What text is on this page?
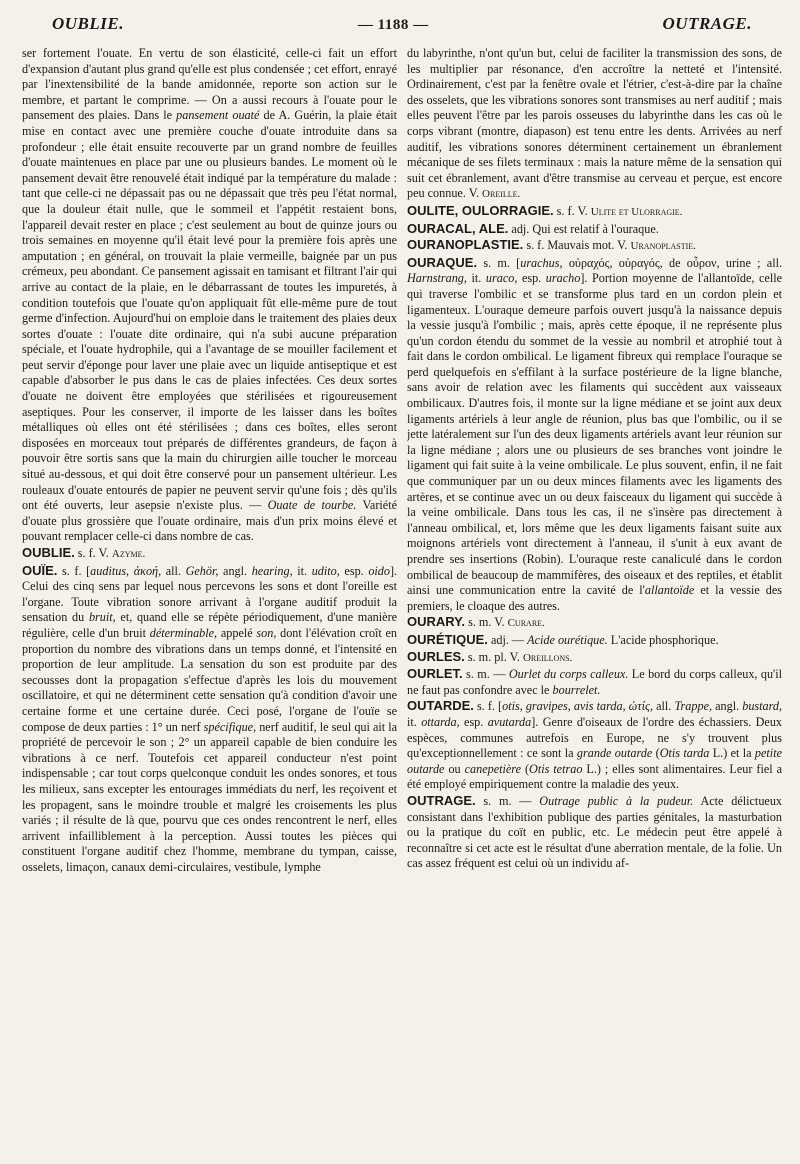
OUBLIE.	— 1188 —	OUTRAGE.

ser fortement l'ouate. En vertu de son élasticité, celle-ci fait un effort d'expansion d'autant plus grand qu'elle est plus condensée ; cet effort, enrayé par l'inextensibilité de la bande amidonnée, reporte son action sur le membre, et partant le comprime. — On a aussi recours à l'ouate pour le pansement des plaies. Dans le pansement ouaté de A. Guérin, la plaie était mise en contact avec une première couche d'ouate introduite dans sa profondeur ; elle était ensuite recouverte par un grand nombre de feuilles d'ouate maintenues en place par une ou plusieurs bandes. Le moment où le pansement devait être renouvelé était indiqué par la température du malade : tant que celle-ci ne dépassait pas ou ne dépassait que très peu l'état normal, que la douleur était nulle, que le sommeil et l'appétit restaient bons, l'appareil devait rester en place ; c'est seulement au bout de quinze jours ou trois semaines en moyenne qu'il était levé pour la première fois après une amputation ; en général, on trouvait la plaie vermeille, baignée par un pus crémeux, peu abondant. Ce pansement agissait en tamisant et filtrant l'air qui arrive au contact de la plaie, en le débarrassant de toutes les impuretés, à condition toutefois que l'ouate qu'on appliquait fût elle-même pure de tout germe d'infection. Aujourd'hui on emploie dans le traitement des plaies deux sortes d'ouate : l'ouate dite ordinaire, qui n'a subi aucune préparation spéciale, et l'ouate hydrophile, qui a l'avantage de se mouiller facilement et peut servir d'éponge pour laver une plaie avec un liquide antiseptique et est capable d'absorber le pus dans le cas de plaies infectées. Ces deux sortes d'ouate ne doivent être employées que stérilisées et rigoureusement aseptiques. Pour les conserver, il importe de les laisser dans les boîtes métalliques où elles ont été stérilisées ; dans ces boîtes, elles seront disposées en morceaux tout préparés de différentes grandeurs, de façon à pouvoir être sortis sans que la main du chirurgien aille toucher le morceau situé au-dessous, et qui doit être conservé pour un pansement ultérieur. Les rouleaux d'ouate entourés de papier ne peuvent servir qu'une fois ; dès qu'ils ont été ouverts, leur asepsie n'existe plus. — Ouate de tourbe. Variété d'ouate plus grossière que l'ouate ordinaire, mais d'un prix moins élevé et pouvant remplacer celle-ci dans nombre de cas.

OUBLIE. s. f. V. Azyme.

OUÏE. s. f. [auditus, ἀκοή, all. Gehör, angl. hearing, it. udito, esp. oido]. Celui des cinq sens par lequel nous percevons les sons et dont l'oreille est l'organe. Toute vibration sonore arrivant à l'organe auditif produit la sensation du bruit, et, quand elle se répète périodiquement, d'une manière régulière, celle d'un bruit déterminable, appelé son, dont l'élévation croît en proportion du nombre des vibrations dans un temps donné, et l'intensité en proportion de leur amplitude. La sensation du son est produite par des secousses dont la propagation s'effectue d'après les lois du mouvement oscillatoire, et qui ne déterminent cette sensation qu'à condition d'avoir une certaine forme et une certaine durée. Ceci posé, l'organe de l'ouïe se compose de deux parties : 1° un nerf spécifique, nerf auditif, le seul qui ait la propriété de percevoir le son ; 2° un appareil capable de bien conduire les vibrations à ce nerf. Toutefois cet appareil conducteur n'est point indispensable ; car tout corps quelconque conduit les ondes sonores, et tous les milieux, sans excepter les entourages immédiats du nerf, les reçoivent et les propagent, sans le moindre trouble et malgré les croisements les plus variés ; il résulte de là que, pourvu que ces ondes rencontrent le nerf, elles arrivent infailliblement à la perception. Aussi toutes les pièces qui constituent l'organe auditif chez l'homme, membrane du tympan, caisse, osselets, limaçon, canaux demi-circulaires, vestibule, lymphe

du labyrinthe, n'ont qu'un but, celui de faciliter la transmission des sons, de les multiplier par résonance, d'en accroître la netteté et l'intensité. Ordinairement, c'est par la fenêtre ovale et l'étrier, c'est-à-dire par la chaîne des osselets, que les vibrations sonores sont transmises au nerf auditif ; mais elles peuvent l'être par les parois osseuses du labyrinthe dans les cas où le corps vibrant (montre, diapason) est tenu entre les dents. Arrivées au nerf auditif, les vibrations sonores déterminent certainement un ébranlement mécanique de ses filets terminaux : mais la nature même de la sensation qui suit cet ébranlement, avant d'être transmise au cerveau et perçue, est encore peu connue. V. Oreille.

OULITE, OULORRAGIE. s. f. V. Ulite et Ulorragie.

OURACAL, ALE. adj. Qui est relatif à l'ouraque.

OURANOPLASTIE. s. f. Mauvais mot. V. Uranoplastie.

OURAQUE. s. m. [urachus, οὐραχός, οὐραγός, de οὖρον, urine ; all. Harnstrang, it. uraco, esp. uracho]. Portion moyenne de l'allantoïde, celle qui traverse l'ombilic et se transforme plus tard en un cordon plein et ligamenteux. L'ouraque demeure parfois ouvert jusqu'à la naissance depuis la vessie jusqu'à l'ombilic ; mais, après cette époque, il ne représente plus qu'un cordon étendu du sommet de la vessie au nombril et atrophié tout à fait dans le cordon ombilical. Le ligament fibreux qui remplace l'ouraque se perd quelquefois en s'effilant à la surface postérieure de la ligne blanche, sans avoir de relation avec les filaments qui succèdent aux vaisseaux ombilicaux. D'autres fois, il monte sur la ligne médiane et se joint aux deux ligaments artériels à leur angle de réunion, plus bas que l'ombilic, ou il se jette latéralement sur l'un des deux ligaments artériels avant leur réunion sur la ligne médiane ; alors une ou plusieurs de ses branches vont joindre le ligament qui fait suite à la veine ombilicale. Le plus souvent, enfin, il ne fait que communiquer par un ou deux minces filaments avec les ligaments des artères, et se continue avec un ou deux faisceaux du ligament qui succède à la veine ombilicale. Dans tous les cas, il ne s'insère pas directement à l'anneau ombilical, et, lors même que les deux ligaments faisant suite aux moignons artériels vont directement à l'anneau, il s'unit à eux avant de prendre ses insertions (Robin). L'ouraque reste canaliculé dans le cordon ombilical de beaucoup de mammifères, des oiseaux et des reptiles, et établit ainsi une communication entre la cavité de l'allantoïde et la vessie des premiers, le cloaque des autres.

OURARY. s. m. V. Curare.

OURÉTIQUE. adj. — Acide ourétique. L'acide phosphorique.

OURLES. s. m. pl. V. Oreillons.

OURLET. s. m. — Ourlet du corps calleux. Le bord du corps calleux, qu'il ne faut pas confondre avec le bourrelet.

OUTARDE. s. f. [otis, gravipes, avis tarda, ὠτίς, all. Trappe, angl. bustard, it. ottarda, esp. avutarda]. Genre d'oiseaux de l'ordre des échassiers. Deux espèces, communes autrefois en Europe, ne s'y trouvent plus qu'exceptionnellement : ce sont la grande outarde (Otis tarda L.) et la petite outarde ou canepetière (Otis tetrao L.) ; elles sont alimentaires. Leur fiel a été employé empiriquement contre la maladie des yeux.

OUTRAGE. s. m. — Outrage public à la pudeur. Acte délictueux consistant dans l'exhibition publique des parties génitales, la masturbation ou la pratique du coït en public, etc. Le médecin peut être appelé à reconnaître si cet acte est le résultat d'une aberration mentale, de la folie. Un cas assez fréquent est celui où un individu af-
